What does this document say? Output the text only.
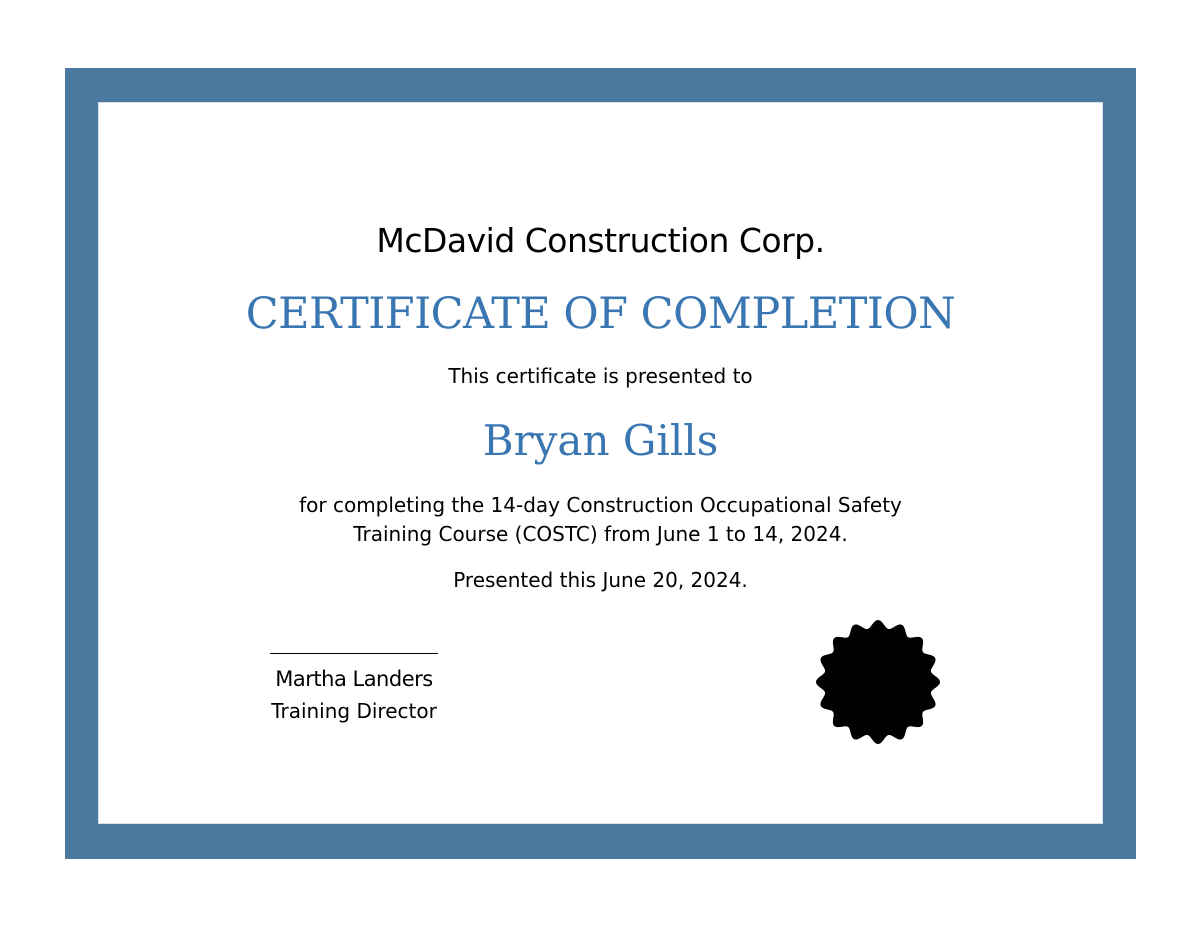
McDavid Construction Corp.
CERTIFICATE OF COMPLETION
This certificate is presented to
Bryan Gills
for completing the 14-day Construction Occupational Safety
Training Course (COSTC) from June 1 to 14, 2024.
Presented this June 20, 2024.
Martha Landers
Training Director
